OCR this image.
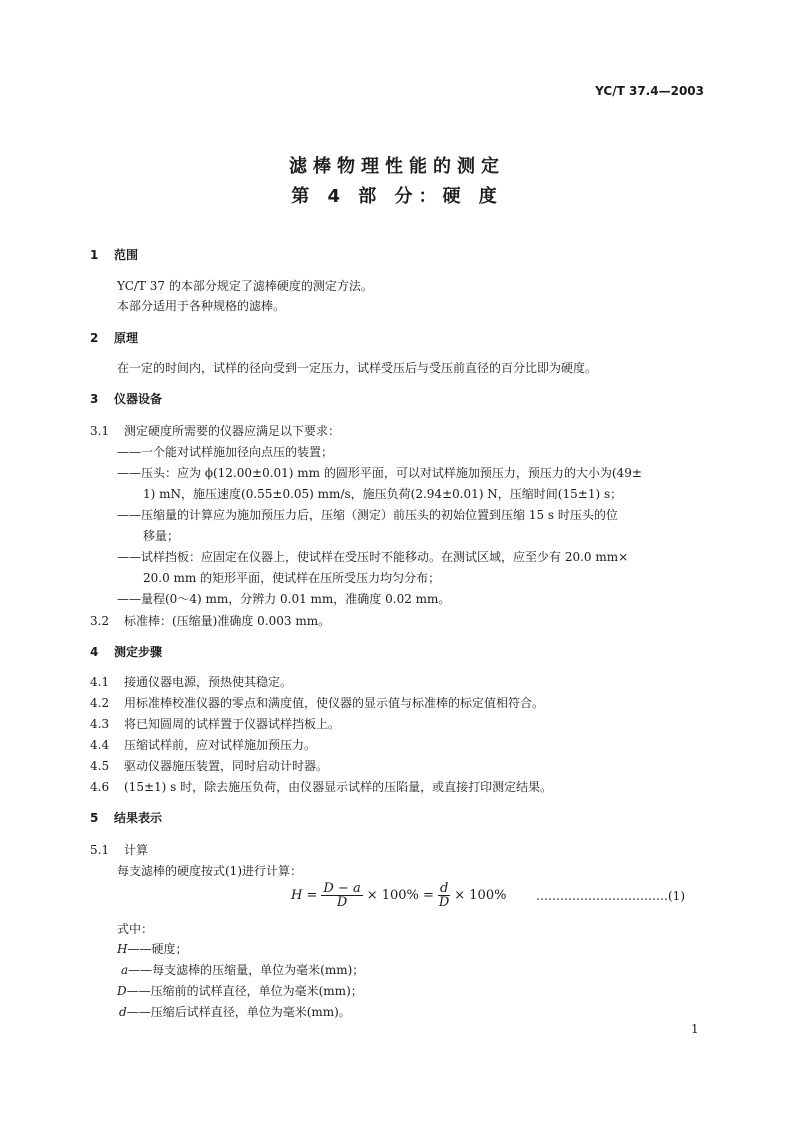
YC/T 37.4—2003
滤棒物理性能的测定
第 4 部 分：硬 度
1 范围
YC/T 37 的本部分规定了滤棒硬度的测定方法。
本部分适用于各种规格的滤棒。
2 原理
在一定的时间内，试样的径向受到一定压力，试样受压后与受压前直径的百分比即为硬度。
3 仪器设备
3.1 测定硬度所需要的仪器应满足以下要求：
——一个能对试样施加径向点压的装置；
——压头：应为 ϕ(12.00±0.01) mm 的圆形平面，可以对试样施加预压力，预压力的大小为(49±
1) mN，施压速度(0.55±0.05) mm/s，施压负荷(2.94±0.01) N，压缩时间(15±1) s；
——压缩量的计算应为施加预压力后，压缩（测定）前压头的初始位置到压缩 15 s 时压头的位
移量；
——试样挡板：应固定在仪器上，使试样在受压时不能移动。在测试区域，应至少有 20.0 mm×
20.0 mm 的矩形平面，使试样在压所受压力均匀分布；
——量程(0～4) mm，分辨力 0.01 mm，准确度 0.02 mm。
3.2 标准棒：(压缩量)准确度 0.003 mm。
4 测定步骤
4.1 接通仪器电源，预热使其稳定。
4.2 用标准棒校准仪器的零点和满度值，使仪器的显示值与标准棒的标定值相符合。
4.3 将已知圆周的试样置于仪器试样挡板上。
4.4 压缩试样前，应对试样施加预压力。
4.5 驱动仪器施压装置，同时启动计时器。
4.6 (15±1) s 时，除去施压负荷，由仪器显示试样的压陷量，或直接打印测定结果。
5 结果表示
5.1 计算
每支滤棒的硬度按式(1)进行计算：
$H = \frac{D - a}{D} \times 100\% = \frac{d}{D} \times 100\%$ ……………………………(1)
式中：
H——硬度；
a——每支滤棒的压缩量，单位为毫米(mm)；
D——压缩前的试样直径，单位为毫米(mm)；
d——压缩后试样直径，单位为毫米(mm)。
1
